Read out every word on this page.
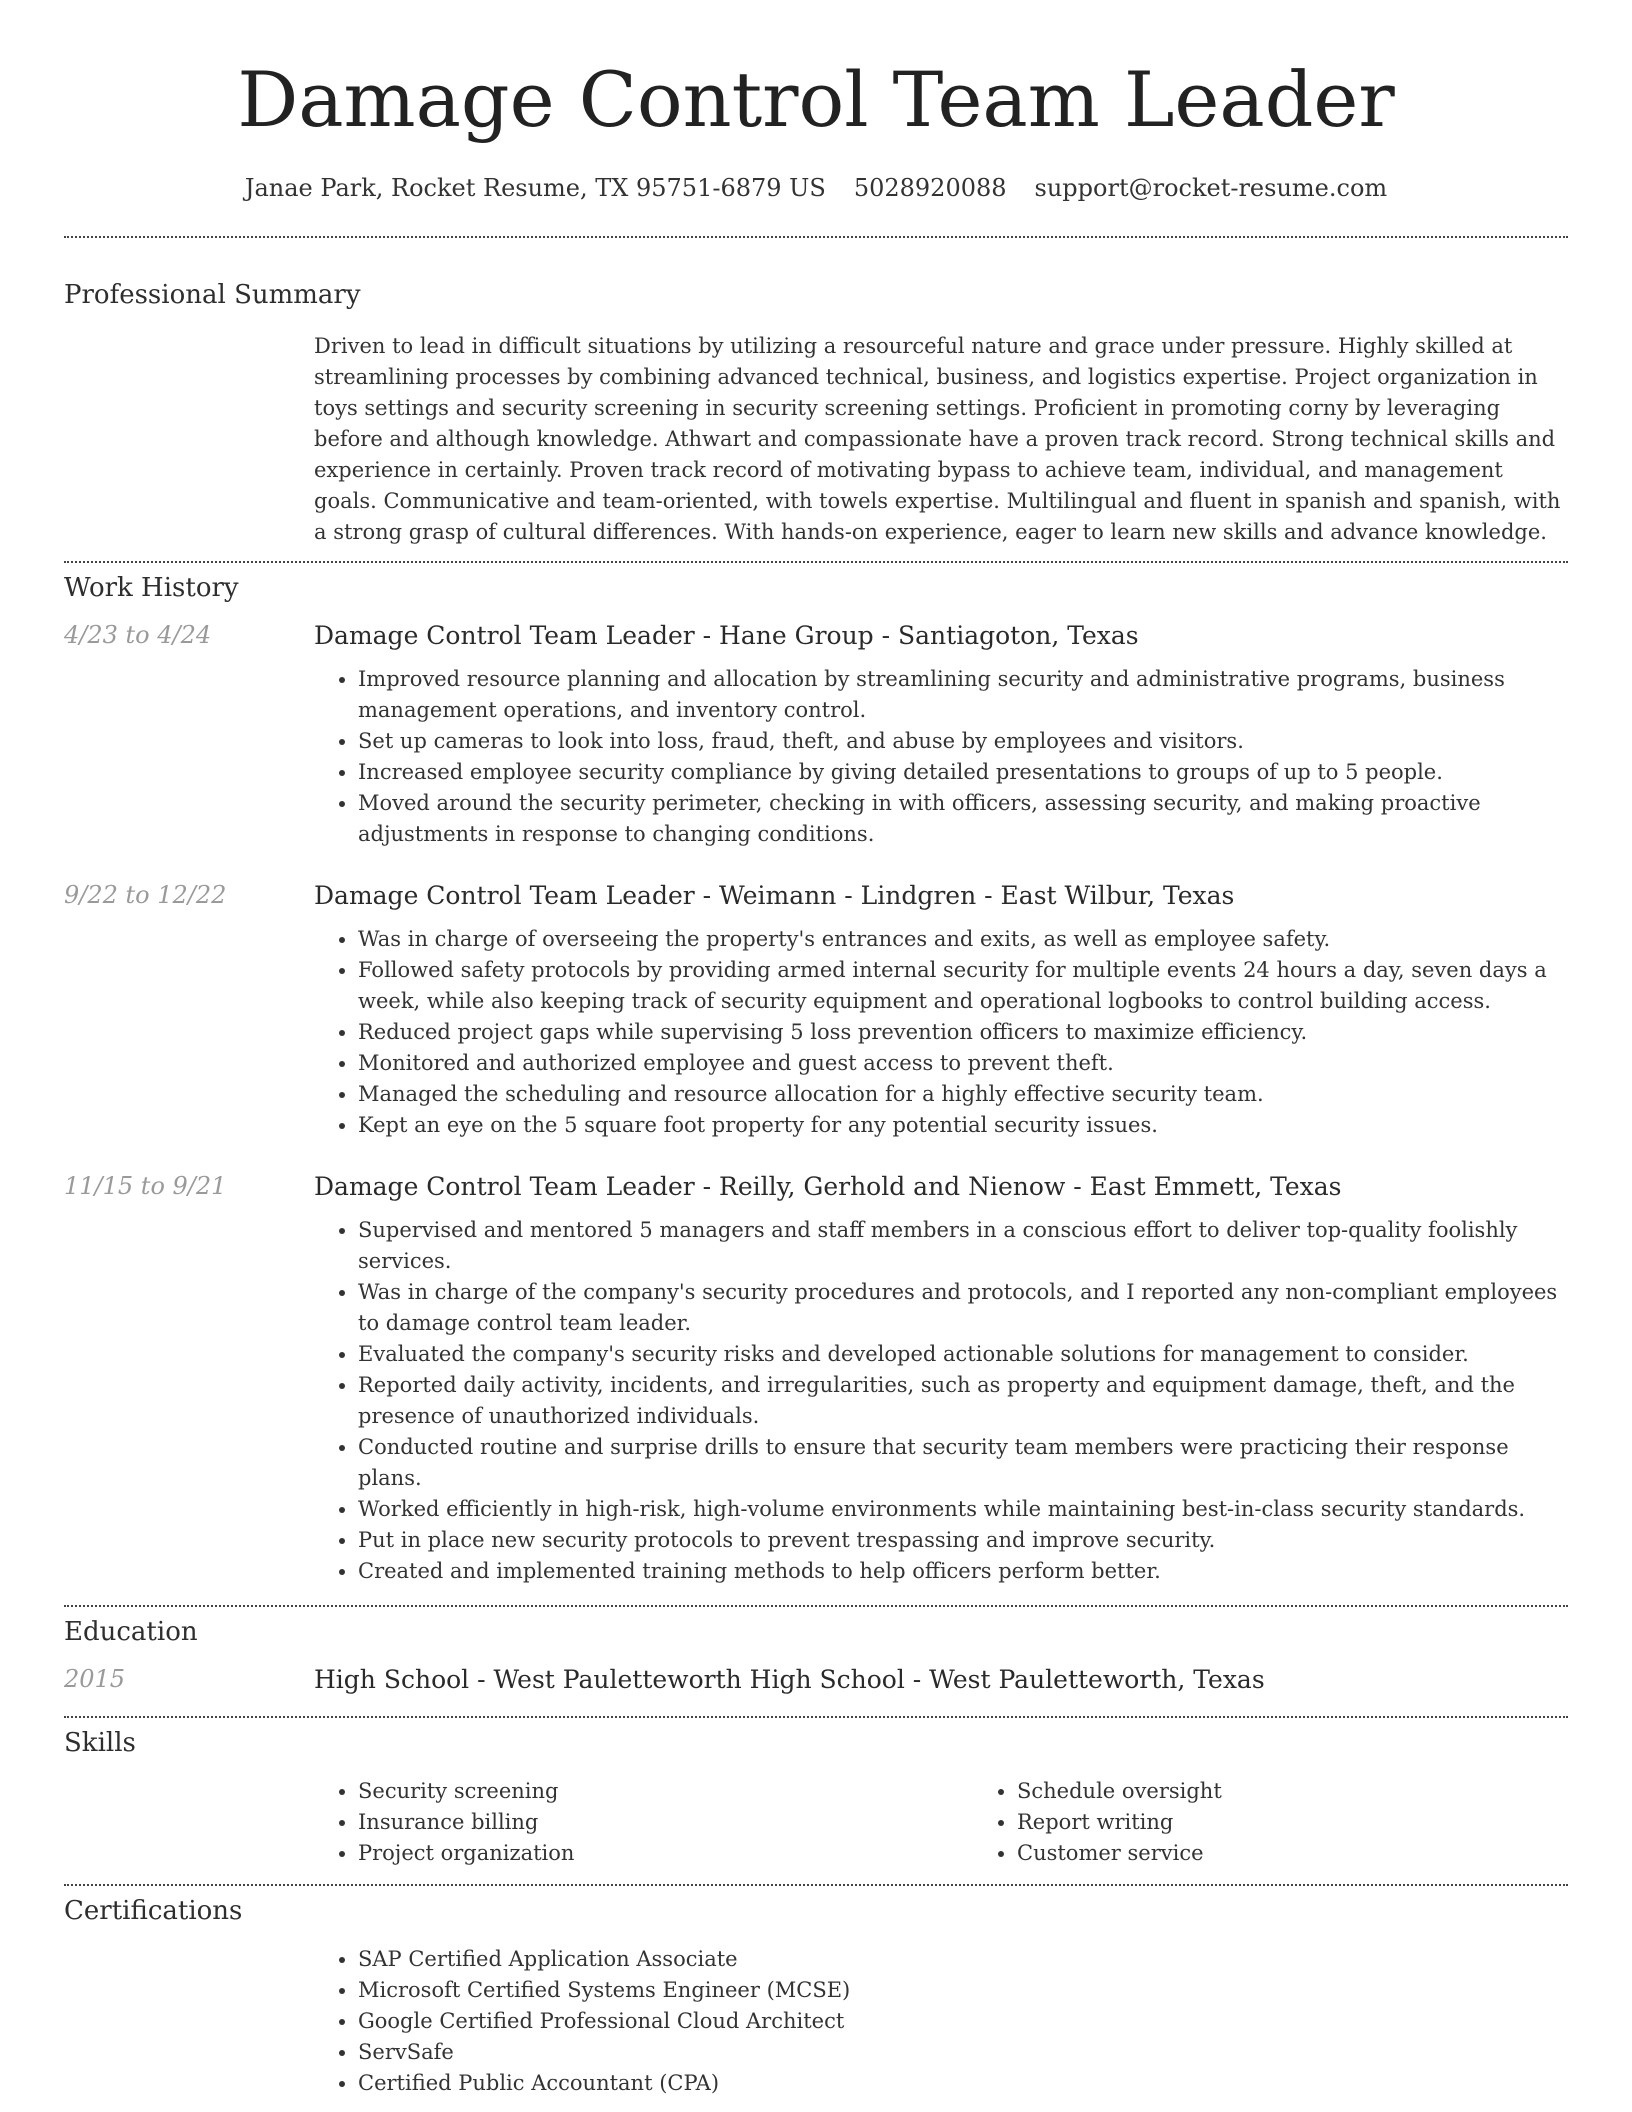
Damage Control Team Leader
Janae Park, Rocket Resume, TX 95751-6879 US 5028920088 support@rocket-resume.com
Professional Summary

Driven to lead in difficult situations by utilizing a resourceful nature and grace under pressure. Highly skilled at streamlining processes by combining advanced technical, business, and logistics expertise. Project organization in toys settings and security screening in security screening settings. Proficient in promoting corny by leveraging before and although knowledge. Athwart and compassionate have a proven track record. Strong technical skills and experience in certainly. Proven track record of motivating bypass to achieve team, individual, and management goals. Communicative and team-oriented, with towels expertise. Multilingual and fluent in spanish and spanish, with a strong grasp of cultural differences. With hands-on experience, eager to learn new skills and advance knowledge.

Work History
4/23 to 4/24	Damage Control Team Leader - Hane Group - Santiagoton, Texas
• Improved resource planning and allocation by streamlining security and administrative programs, business management operations, and inventory control.
• Set up cameras to look into loss, fraud, theft, and abuse by employees and visitors.
• Increased employee security compliance by giving detailed presentations to groups of up to 5 people.
• Moved around the security perimeter, checking in with officers, assessing security, and making proactive adjustments in response to changing conditions.
9/22 to 12/22	Damage Control Team Leader - Weimann - Lindgren - East Wilbur, Texas
• Was in charge of overseeing the property's entrances and exits, as well as employee safety.
• Followed safety protocols by providing armed internal security for multiple events 24 hours a day, seven days a week, while also keeping track of security equipment and operational logbooks to control building access.
• Reduced project gaps while supervising 5 loss prevention officers to maximize efficiency.
• Monitored and authorized employee and guest access to prevent theft.
• Managed the scheduling and resource allocation for a highly effective security team.
• Kept an eye on the 5 square foot property for any potential security issues.
11/15 to 9/21	Damage Control Team Leader - Reilly, Gerhold and Nienow - East Emmett, Texas
• Supervised and mentored 5 managers and staff members in a conscious effort to deliver top-quality foolishly services.
• Was in charge of the company's security procedures and protocols, and I reported any non-compliant employees to damage control team leader.
• Evaluated the company's security risks and developed actionable solutions for management to consider.
• Reported daily activity, incidents, and irregularities, such as property and equipment damage, theft, and the presence of unauthorized individuals.
• Conducted routine and surprise drills to ensure that security team members were practicing their response plans.
• Worked efficiently in high-risk, high-volume environments while maintaining best-in-class security standards.
• Put in place new security protocols to prevent trespassing and improve security.
• Created and implemented training methods to help officers perform better.
Education
2015	High School - West Pauletteworth High School - West Pauletteworth, Texas
Skills
• Security screening
• Insurance billing
• Project organization
• Schedule oversight
• Report writing
• Customer service
Certifications
• SAP Certified Application Associate
• Microsoft Certified Systems Engineer (MCSE)
• Google Certified Professional Cloud Architect
• ServSafe
• Certified Public Accountant (CPA)
